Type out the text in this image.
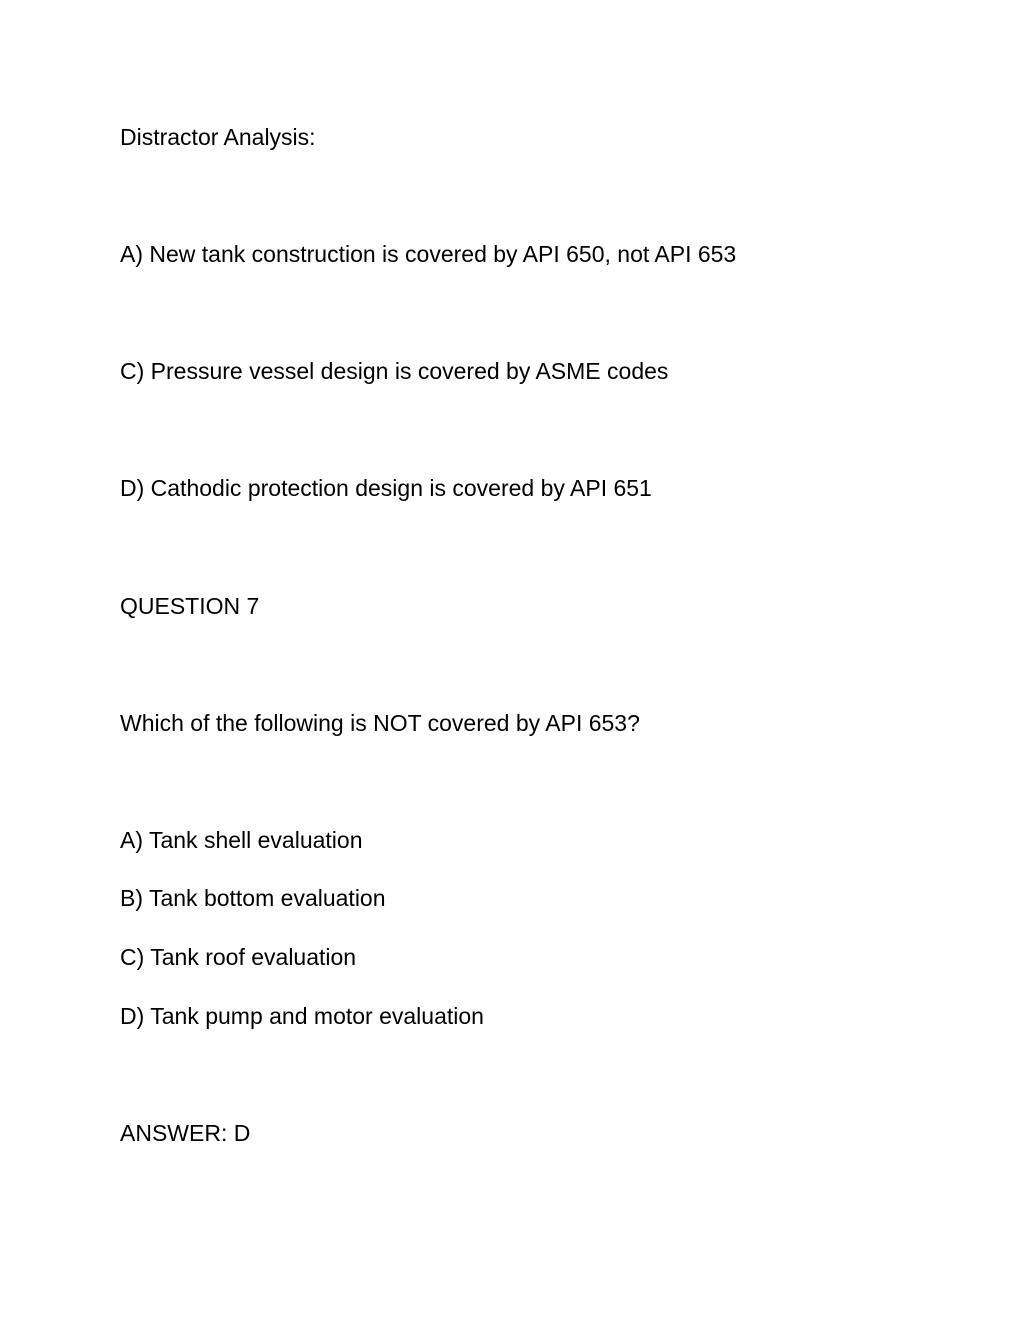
Distractor Analysis:

A) New tank construction is covered by API 650, not API 653

C) Pressure vessel design is covered by ASME codes

D) Cathodic protection design is covered by API 651

QUESTION 7

Which of the following is NOT covered by API 653?

A) Tank shell evaluation

B) Tank bottom evaluation

C) Tank roof evaluation

D) Tank pump and motor evaluation

ANSWER: D
